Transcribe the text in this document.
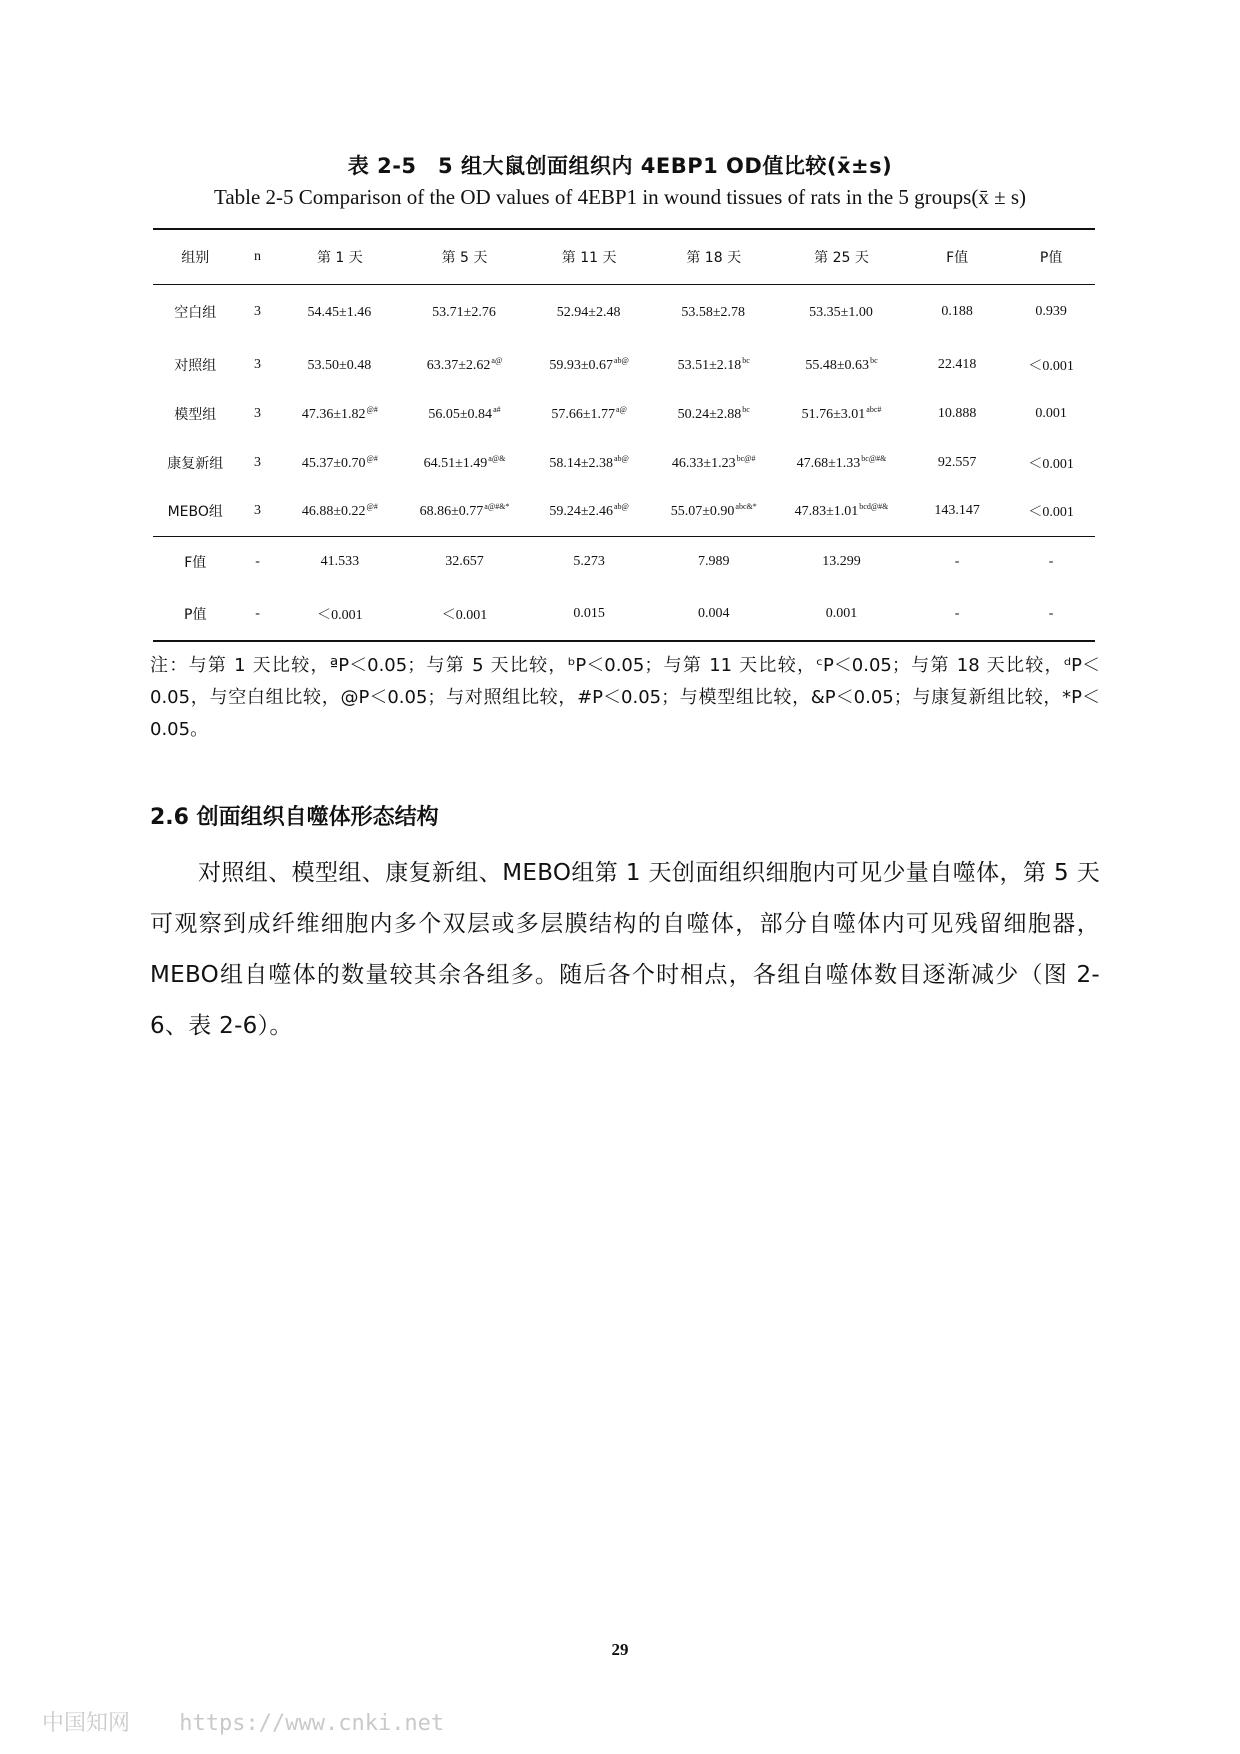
表 2-5　5 组大鼠创面组织内 4EBP1 OD值比较(x̄±s)
Table 2-5 Comparison of the OD values of 4EBP1 in wound tissues of rats in the 5 groups(x̄ ± s)
组别	n	第 1 天	第 5 天	第 11 天	第 18 天	第 25 天	F值	P值
空白组	3	54.45±1.46	53.71±2.76	52.94±2.48	53.58±2.78	53.35±1.00	0.188	0.939
对照组	3	53.50±0.48	$63.37\pm 2.62^{a@}$	$59.93\pm 0.67^{ab@}$	53.51±2.18$^{bc}$	55.48±0.63$^{bc}$	22.418	＜0.001
模型组	3	47.36±1.82@#	$56.05\pm 0.84^{a\#}$	$57.66\pm 1.77^{a@}$	50.24±2.88$^{bc}$	$51.76\pm 3.01^{abc\#}$	10.888	0.001
康复新组	3	45.37±0.70@#	$64.51\pm 1.49^{a@\&}$	$58.14\pm 2.38^{ab@}$	$46.33\pm 1.23^{bc@\#}$	$47.68\pm 1.33^{bc@\#\&}$	92.557	＜0.001
MEBO组	3	46.88±0.22@#	$68.86\pm 0.77^{a@\#\&*}$	$59.24\pm 2.46^{ab@}$	$55.07\pm 0.90^{abc\&*}$	$47.83\pm 1.01^{bcd@\#\&}$	143.147	＜0.001
F值	-	41.533	32.657	5.273	7.989	13.299	-	-
P值	-	＜0.001	＜0.001	0.015	0.004	0.001	-	-
注：与第 1 天比较，ªP＜0.05；与第 5 天比较，ᵇP＜0.05；与第 11 天比较，ᶜP＜0.05；与第 18 天比较，ᵈP＜0.05，与空白组比较，@P＜0.05；与对照组比较，#P＜0.05；与模型组比较，&P＜0.05；与康复新组比较，*P＜0.05。
2.6 创面组织自噬体形态结构
对照组、模型组、康复新组、MEBO组第 1 天创面组织细胞内可见少量自噬体，第 5 天可观察到成纤维细胞内多个双层或多层膜结构的自噬体，部分自噬体内可见残留细胞器，MEBO组自噬体的数量较其余各组多。随后各个时相点，各组自噬体数目逐渐减少（图 2-6、表 2-6）。
29
中国知网 https://www.cnki.net
